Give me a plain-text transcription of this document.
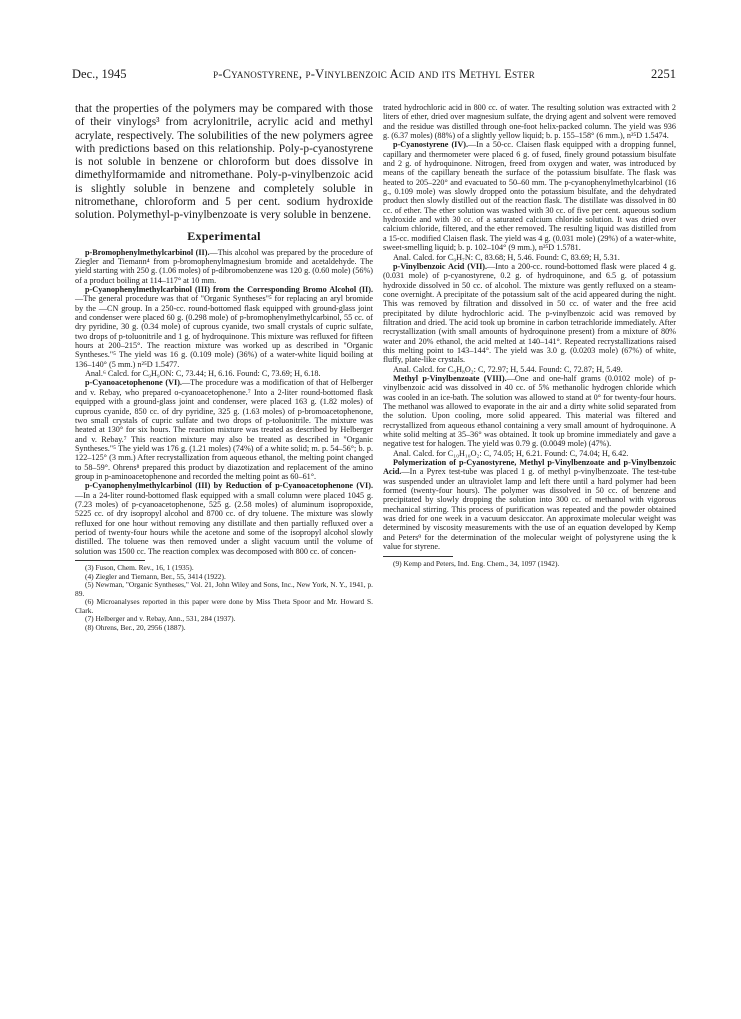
Dec., 1945	p-Cyanostyrene, p-Vinylbenzoic Acid and its Methyl Ester	2251

that the properties of the polymers may be compared with those of their vinylogs³ from acrylonitrile, acrylic acid and methyl acrylate, respectively. The solubilities of the new polymers agree with predictions based on this relationship. Poly-p-cyanostyrene is not soluble in benzene or chloroform but does dissolve in dimethylformamide and nitromethane. Poly-p-vinylbenzoic acid is slightly soluble in benzene and completely soluble in nitromethane, chloroform and 5 per cent. sodium hydroxide solution. Polymethyl-p-vinylbenzoate is very soluble in benzene.

Experimental

p-Bromophenylmethylcarbinol (II).—This alcohol was prepared by the procedure of Ziegler and Tiemann⁴ from p-bromophenylmagnesium bromide and acetaldehyde. The yield starting with 250 g. (1.06 moles) of p-dibromobenzene was 120 g. (0.60 mole) (56%) of a product boiling at 114–117° at 10 mm.

p-Cyanophenylmethylcarbinol (III) from the Corresponding Bromo Alcohol (II).—The general procedure was that of "Organic Syntheses"⁵ for replacing an aryl bromide by the —CN group. In a 250-cc. round-bottomed flask equipped with ground-glass joint and condenser were placed 60 g. (0.298 mole) of p-bromophenylmethylcarbinol, 55 cc. of dry pyridine, 30 g. (0.34 mole) of cuprous cyanide, two small crystals of cupric sulfate, two drops of p-toluonitrile and 1 g. of hydroquinone. This mixture was refluxed for fifteen hours at 200–215°. The reaction mixture was worked up as described in "Organic Syntheses."⁵ The yield was 16 g. (0.109 mole) (36%) of a water-white liquid boiling at 136–140° (5 mm.) n²⁵D 1.5477.

Anal.⁶ Calcd. for C₉H₉ON: C, 73.44; H, 6.16. Found: C, 73.69; H, 6.18.

p-Cyanoacetophenone (VI).—The procedure was a modification of that of Helberger and v. Rebay, who prepared o-cyanoacetophenone.⁷ Into a 2-liter round-bottomed flask equipped with a ground-glass joint and condenser, were placed 163 g. (1.82 moles) of cuprous cyanide, 850 cc. of dry pyridine, 325 g. (1.63 moles) of p-bromoacetophenone, two small crystals of cupric sulfate and two drops of p-toluonitrile. The mixture was heated at 130° for six hours. The reaction mixture was treated as described by Helberger and v. Rebay.⁷ This reaction mixture may also be treated as described in "Organic Syntheses."⁵ The yield was 176 g. (1.21 moles) (74%) of a white solid; m. p. 54–56°; b. p. 122–125° (3 mm.) After recrystallization from aqueous ethanol, the melting point changed to 58–59°. Ohrens⁸ prepared this product by diazotization and replacement of the amino group in p-aminoacetophenone and recorded the melting point as 60–61°.

p-Cyanophenylmethylcarbinol (III) by Reduction of p-Cyanoacetophenone (VI).—In a 24-liter round-bottomed flask equipped with a small column were placed 1045 g. (7.23 moles) of p-cyanoacetophenone, 525 g. (2.58 moles) of aluminum isopropoxide, 5225 cc. of dry isopropyl alcohol and 8700 cc. of dry toluene. The mixture was slowly refluxed for one hour without removing any distillate and then partially refluxed over a period of twenty-four hours while the acetone and some of the isopropyl alcohol slowly distilled. The toluene was then removed under a slight vacuum until the volume of solution was 1500 cc. The reaction complex was decomposed with 800 cc. of concen-

(3) Fuson, Chem. Rev., 16, 1 (1935).

(4) Ziegler and Tiemann, Ber., 55, 3414 (1922).

(5) Newman, "Organic Syntheses," Vol. 21, John Wiley and Sons, Inc., New York, N. Y., 1941, p. 89.

(6) Microanalyses reported in this paper were done by Miss Theta Spoor and Mr. Howard S. Clark.

(7) Helberger and v. Rebay, Ann., 531, 284 (1937).

(8) Ohrens, Ber., 20, 2956 (1887).

trated hydrochloric acid in 800 cc. of water. The resulting solution was extracted with 2 liters of ether, dried over magnesium sulfate, the drying agent and solvent were removed and the residue was distilled through one-foot helix-packed column. The yield was 936 g. (6.37 moles) (88%) of a slightly yellow liquid; b. p. 155–158° (6 mm.), n²⁵D 1.5474.

p-Cyanostyrene (IV).—In a 50-cc. Claisen flask equipped with a dropping funnel, capillary and thermometer were placed 6 g. of fused, finely ground potassium bisulfate and 2 g. of hydroquinone. Nitrogen, freed from oxygen and water, was introduced by means of the capillary beneath the surface of the potassium bisulfate. The flask was heated to 205–220° and evacuated to 50–60 mm. The p-cyanophenylmethylcarbinol (16 g., 0.109 mole) was slowly dropped onto the potassium bisulfate, and the dehydrated product then slowly distilled out of the reaction flask. The distillate was dissolved in 80 cc. of ether. The ether solution was washed with 30 cc. of five per cent. aqueous sodium hydroxide and with 30 cc. of a saturated calcium chloride solution. It was dried over calcium chloride, filtered, and the ether removed. The resulting liquid was distilled from a 15-cc. modified Claisen flask. The yield was 4 g. (0.031 mole) (29%) of a water-white, sweet-smelling liquid; b. p. 102–104° (9 mm.), n²⁵D 1.5781.

Anal. Calcd. for C₉H₇N: C, 83.68; H, 5.46. Found: C, 83.69; H, 5.31.

p-Vinylbenzoic Acid (VII).—Into a 200-cc. round-bottomed flask were placed 4 g. (0.031 mole) of p-cyanostyrene, 0.2 g. of hydroquinone, and 6.5 g. of potassium hydroxide dissolved in 50 cc. of alcohol. The mixture was gently refluxed on a steam-cone overnight. A precipitate of the potassium salt of the acid appeared during the night. This was removed by filtration and dissolved in 50 cc. of water and the free acid precipitated by dilute hydrochloric acid. The p-vinylbenzoic acid was removed by filtration and dried. The acid took up bromine in carbon tetrachloride immediately. After recrystallization (with small amounts of hydroquinone present) from a mixture of 80% water and 20% ethanol, the acid melted at 140–141°. Repeated recrystallizations raised this melting point to 143–144°. The yield was 3.0 g. (0.0203 mole) (67%) of white, fluffy, plate-like crystals.

Anal. Calcd. for C₉H₈O₂: C, 72.97; H, 5.44. Found: C, 72.87; H, 5.49.

Methyl p-Vinylbenzoate (VIII).—One and one-half grams (0.0102 mole) of p-vinylbenzoic acid was dissolved in 40 cc. of 5% methanolic hydrogen chloride which was cooled in an ice-bath. The solution was allowed to stand at 0° for twenty-four hours. The methanol was allowed to evaporate in the air and a dirty white solid separated from the solution. Upon cooling, more solid appeared. This material was filtered and recrystallized from aqueous ethanol containing a very small amount of hydroquinone. A white solid melting at 35–36° was obtained. It took up bromine immediately and gave a negative test for halogen. The yield was 0.79 g. (0.0049 mole) (47%).

Anal. Calcd. for C₁₀H₁₀O₂: C, 74.05; H, 6.21. Found: C, 74.04; H, 6.42.

Polymerization of p-Cyanostyrene, Methyl p-Vinylbenzoate and p-Vinylbenzoic Acid.—In a Pyrex test-tube was placed 1 g. of methyl p-vinylbenzoate. The test-tube was suspended under an ultraviolet lamp and left there until a hard polymer had been formed (twenty-four hours). The polymer was dissolved in 50 cc. of benzene and precipitated by slowly dropping the solution into 300 cc. of methanol with vigorous mechanical stirring. This process of purification was repeated and the powder obtained was dried for one week in a vacuum desiccator. An approximate molecular weight was determined by viscosity measurements with the use of an equation developed by Kemp and Peters⁹ for the determination of the molecular weight of polystyrene using the k value for styrene.

(9) Kemp and Peters, Ind. Eng. Chem., 34, 1097 (1942).
